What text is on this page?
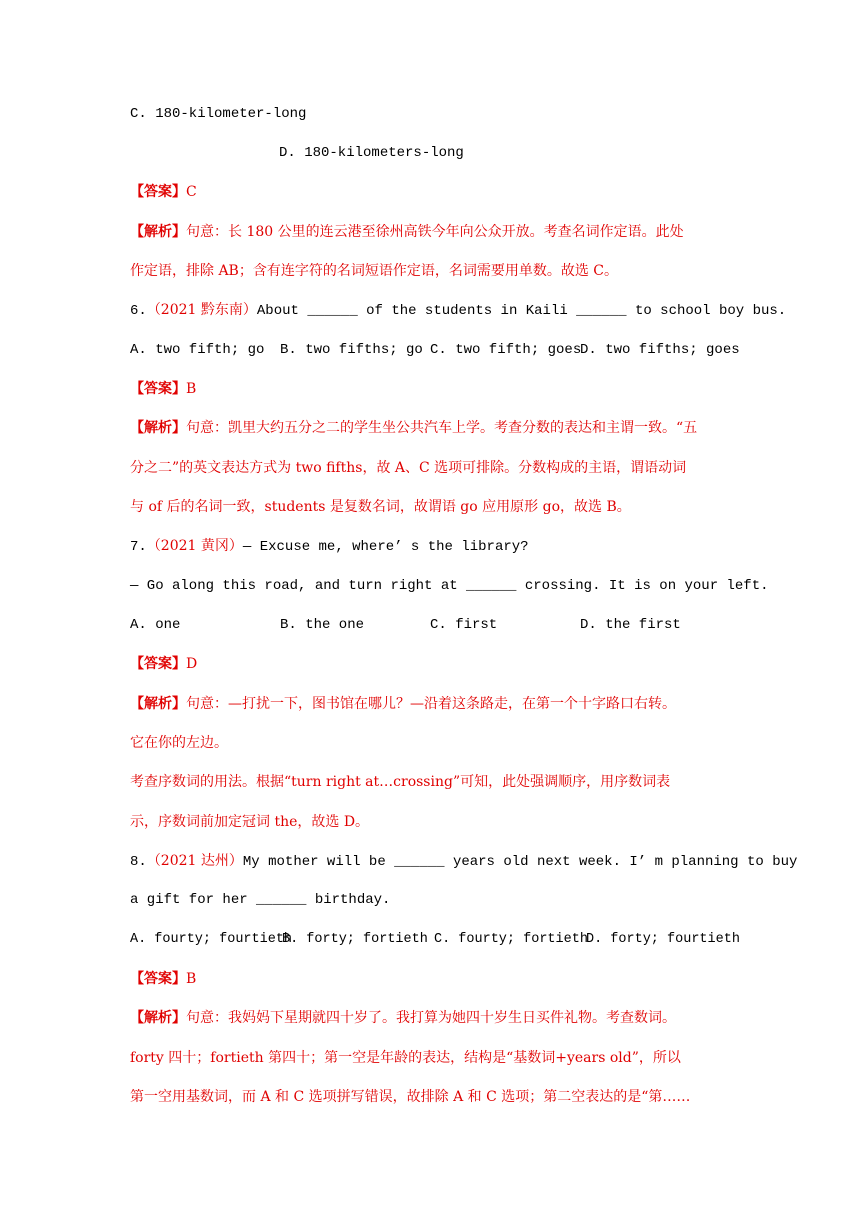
C. 180-kilometer-long
D. 180-kilometers-long
【答案】C
【解析】句意：长 180 公里的连云港至徐州高铁今年向公众开放。考查名词作定语。此处
作定语，排除 AB；含有连字符的名词短语作定语，名词需要用单数。故选 C。
6.（2021 黔东南）About ______ of the students in Kaili ______ to school boy bus.
A. two fifth; go B. two fifths; go C. two fifth; goesD. two fifths; goes
【答案】B
【解析】句意：凯里大约五分之二的学生坐公共汽车上学。考查分数的表达和主谓一致。“五
分之二”的英文表达方式为 two fifths，故 A、C 选项可排除。分数构成的主语，谓语动词
与 of 后的名词一致，students 是复数名词，故谓语 go 应用原形 go，故选 B。
7.（2021 黄冈）— Excuse me, where’ s the library?
— Go along this road, and turn right at ______ crossing. It is on your left.
A. one	B. the one	C. first	D. the first
【答案】D
【解析】句意：—打扰一下，图书馆在哪儿？—沿着这条路走，在第一个十字路口右转。
它在你的左边。
考查序数词的用法。根据“turn right at…crossing”可知，此处强调顺序，用序数词表
示，序数词前加定冠词 the，故选 D。
8.（2021 达州）My mother will be ______ years old next week. I’ m planning to buy
a gift for her ______ birthday.
A. fourty; fourtiethB. forty; fortieth C. fourty; fortiethD. forty; fourtieth
【答案】B
【解析】句意：我妈妈下星期就四十岁了。我打算为她四十岁生日买件礼物。考查数词。
forty 四十；fortieth 第四十；第一空是年龄的表达，结构是“基数词+years old”，所以
第一空用基数词，而 A 和 C 选项拼写错误，故排除 A 和 C 选项；第二空表达的是“第……
